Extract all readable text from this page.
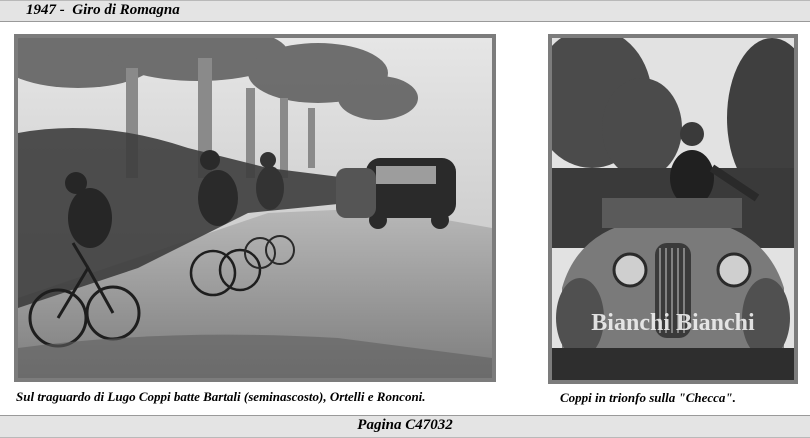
1947 -  Giro di Romagna
Bianchi Bianchi
Sul traguardo di Lugo Coppi batte Bartali (seminascosto), Ortelli e Ronconi.	Coppi in trionfo sulla "Checca".
Pagina C47032
